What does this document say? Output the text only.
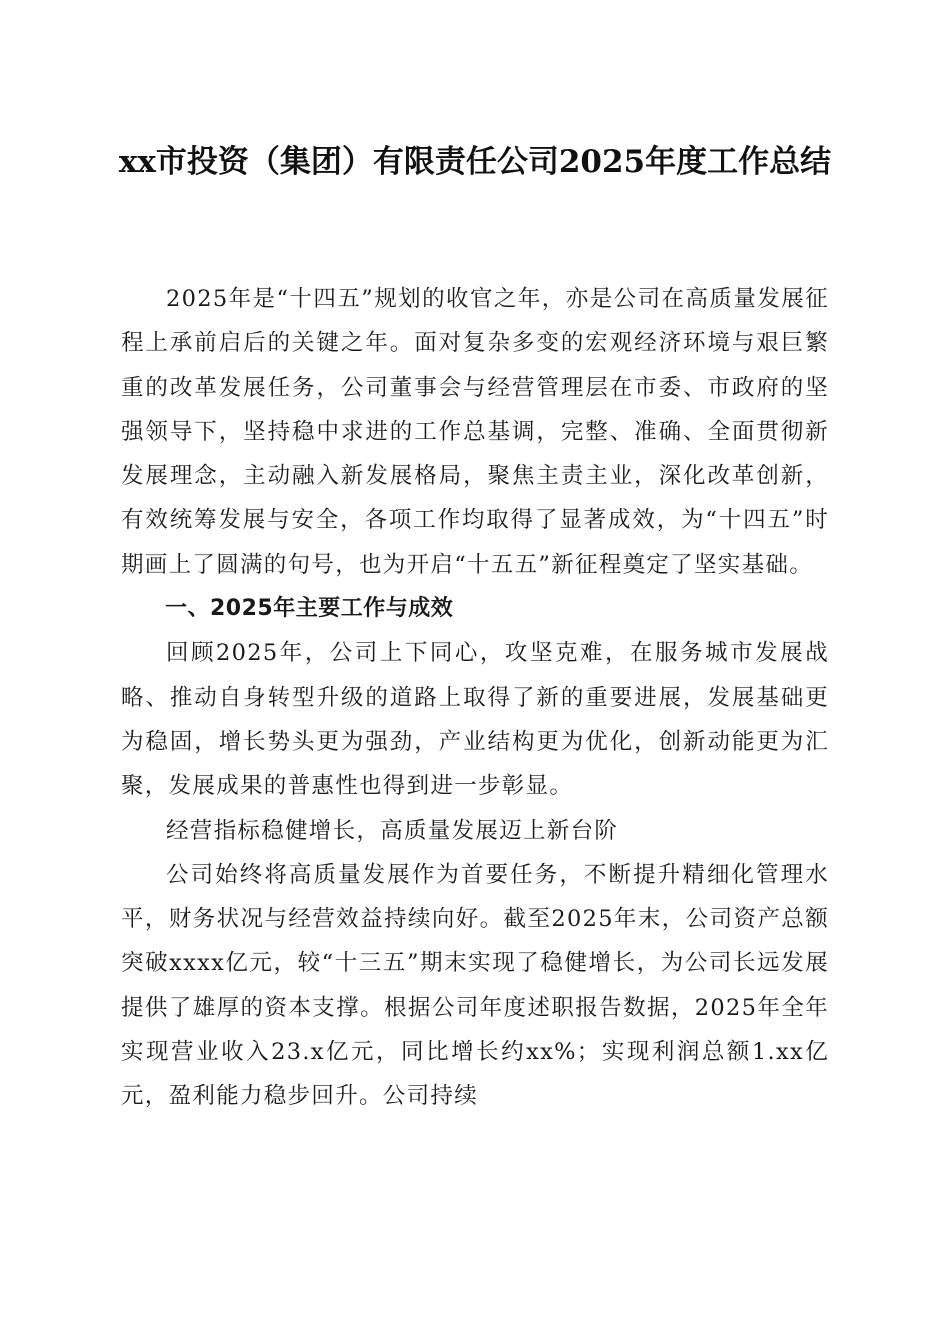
xx市投资（集团）有限责任公司2025年度工作总结

2025年是“十四五”规划的收官之年，亦是公司在高质量发展征程上承前启后的关键之年。面对复杂多变的宏观经济环境与艰巨繁重的改革发展任务，公司董事会与经营管理层在市委、市政府的坚强领导下，坚持稳中求进的工作总基调，完整、准确、全面贯彻新发展理念，主动融入新发展格局，聚焦主责主业，深化改革创新，有效统筹发展与安全，各项工作均取得了显著成效，为“十四五”时期画上了圆满的句号，也为开启“十五五”新征程奠定了坚实基础。

一、2025年主要工作与成效

回顾2025年，公司上下同心，攻坚克难，在服务城市发展战略、推动自身转型升级的道路上取得了新的重要进展，发展基础更为稳固，增长势头更为强劲，产业结构更为优化，创新动能更为汇聚，发展成果的普惠性也得到进一步彰显。

经营指标稳健增长，高质量发展迈上新台阶

公司始终将高质量发展作为首要任务，不断提升精细化管理水平，财务状况与经营效益持续向好。截至2025年末，公司资产总额突破xxxx亿元，较“十三五”期末实现了稳健增长，为公司长远发展提供了雄厚的资本支撑。根据公司年度述职报告数据，2025年全年实现营业收入23.x亿元，同比增长约xx%；实现利润总额1.xx亿元，盈利能力稳步回升。公司持续
